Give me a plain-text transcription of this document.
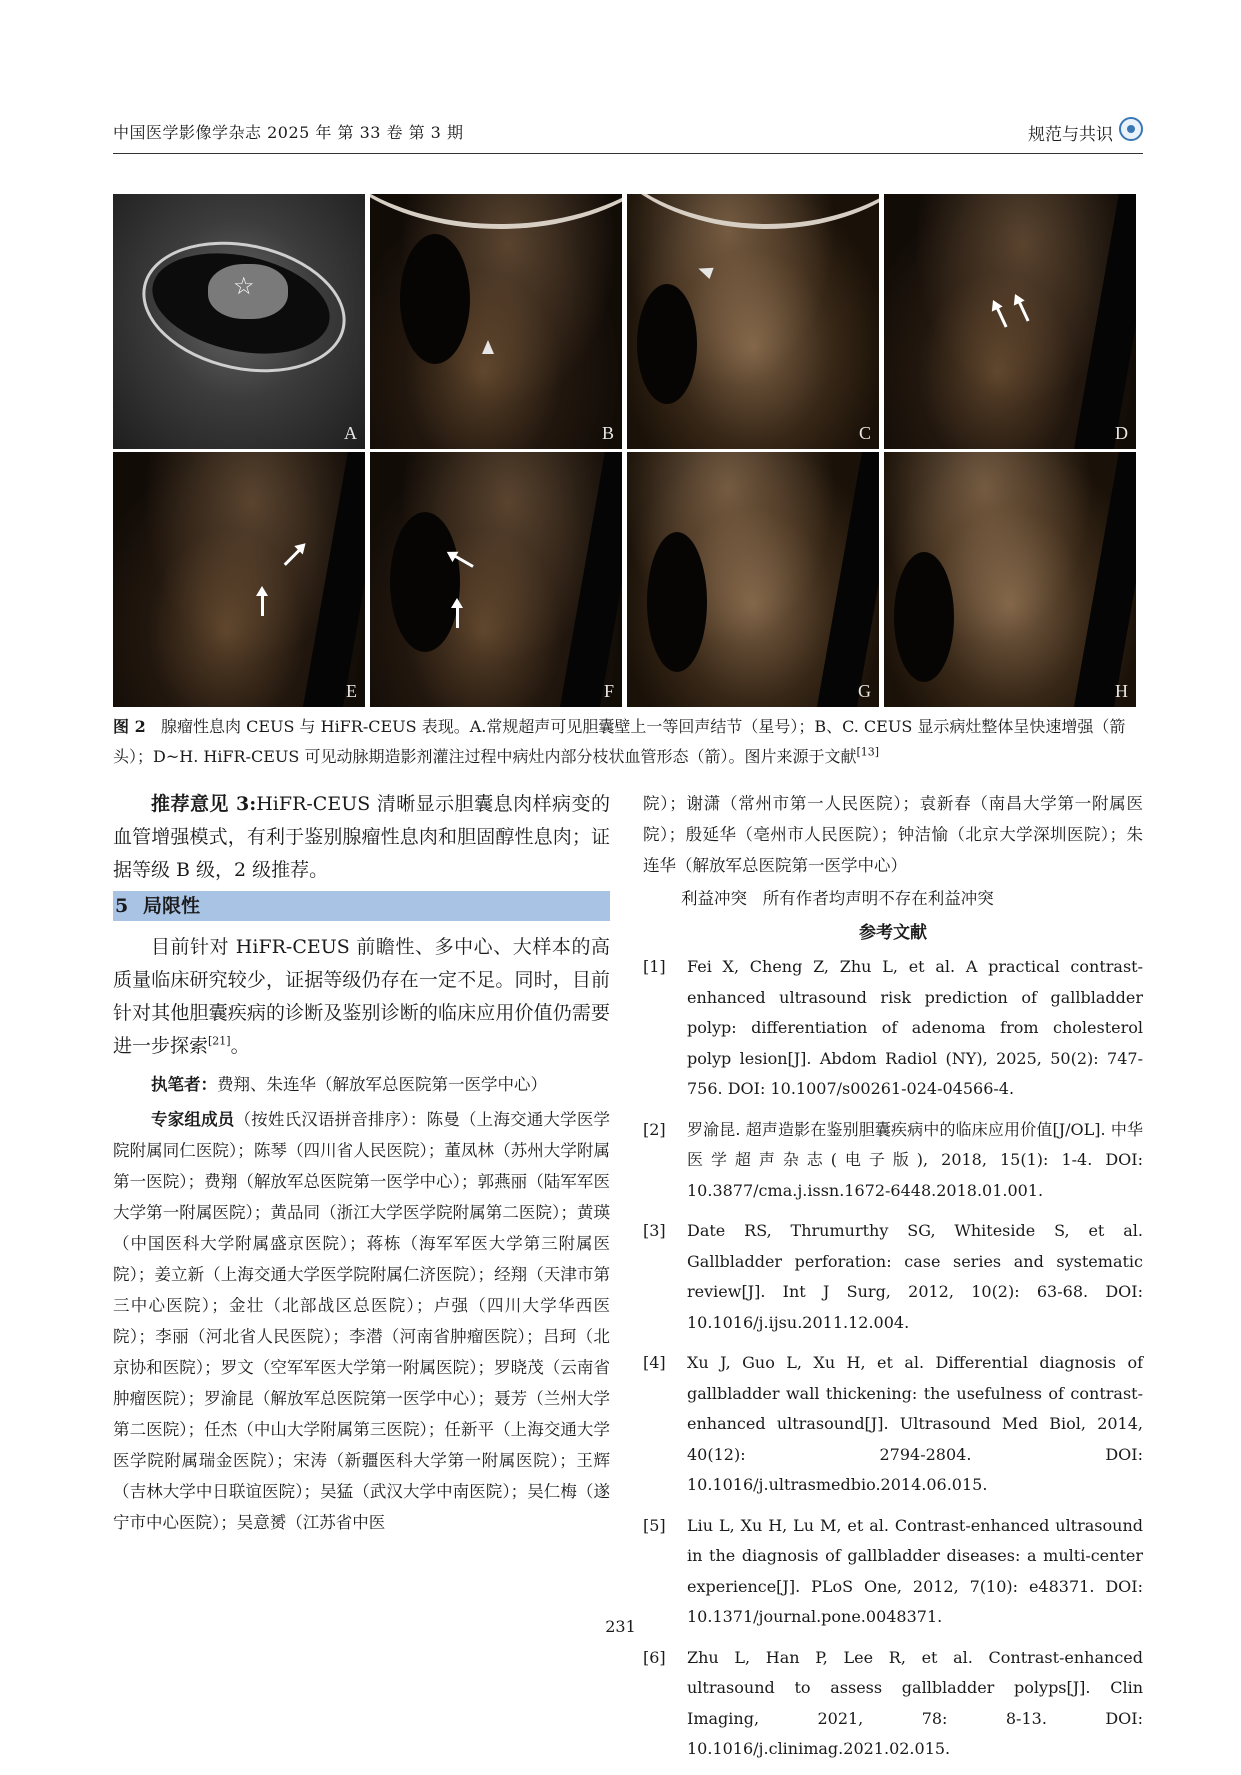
中国医学影像学杂志 2025 年 第 33 卷 第 3 期	规范与共识
☆
A	B	C	D
E	F	G	H
图 2 腺瘤性息肉 CEUS 与 HiFR-CEUS 表现。A.常规超声可见胆囊壁上一等回声结节（星号）；B、C. CEUS 显示病灶整体呈快速增强（箭头）；D~H. HiFR-CEUS 可见动脉期造影剂灌注过程中病灶内部分枝状血管形态（箭）。图片来源于文献[13]

推荐意见 3:HiFR-CEUS 清晰显示胆囊息肉样病变的血管增强模式，有利于鉴别腺瘤性息肉和胆固醇性息肉；证据等级 B 级，2 级推荐。

5 局限性

目前针对 HiFR-CEUS 前瞻性、多中心、大样本的高质量临床研究较少，证据等级仍存在一定不足。同时，目前针对其他胆囊疾病的诊断及鉴别诊断的临床应用价值仍需要进一步探索[21]。

执笔者：费翔、朱连华（解放军总医院第一医学中心）

专家组成员（按姓氏汉语拼音排序）：陈曼（上海交通大学医学院附属同仁医院）；陈琴（四川省人民医院）；董凤林（苏州大学附属第一医院）；费翔（解放军总医院第一医学中心）；郭燕丽（陆军军医大学第一附属医院）；黄品同（浙江大学医学院附属第二医院）；黄瑛（中国医科大学附属盛京医院）；蒋栋（海军军医大学第三附属医院）；姜立新（上海交通大学医学院附属仁济医院）；经翔（天津市第三中心医院）；金壮（北部战区总医院）；卢强（四川大学华西医院）；李丽（河北省人民医院）；李潜（河南省肿瘤医院）；吕珂（北京协和医院）；罗文（空军军医大学第一附属医院）；罗晓茂（云南省肿瘤医院）；罗渝昆（解放军总医院第一医学中心）；聂芳（兰州大学第二医院）；任杰（中山大学附属第三医院）；任新平（上海交通大学医学院附属瑞金医院）；宋涛（新疆医科大学第一附属医院）；王辉（吉林大学中日联谊医院）；吴猛（武汉大学中南医院）；吴仁梅（遂宁市中心医院）；吴意赟（江苏省中医

院）；谢潇（常州市第一人民医院）；袁新春（南昌大学第一附属医院）；殷延华（亳州市人民医院）；钟洁愉（北京大学深圳医院）；朱连华（解放军总医院第一医学中心）

利益冲突 所有作者均声明不存在利益冲突

参考文献

[1] Fei X, Cheng Z, Zhu L, et al. A practical contrast-enhanced ultrasound risk prediction of gallbladder polyp: differentiation of adenoma from cholesterol polyp lesion[J]. Abdom Radiol (NY), 2025, 50(2): 747-756. DOI: 10.1007/s00261-024-04566-4.
[2] 罗渝昆. 超声造影在鉴别胆囊疾病中的临床应用价值[J/OL]. 中华医学超声杂志(电子版), 2018, 15(1): 1-4. DOI: 10.3877/cma.j.issn.1672-6448.2018.01.001.
[3] Date RS, Thrumurthy SG, Whiteside S, et al. Gallbladder perforation: case series and systematic review[J]. Int J Surg, 2012, 10(2): 63-68. DOI: 10.1016/j.ijsu.2011.12.004.
[4] Xu J, Guo L, Xu H, et al. Differential diagnosis of gallbladder wall thickening: the usefulness of contrast-enhanced ultrasound[J]. Ultrasound Med Biol, 2014, 40(12): 2794-2804. DOI: 10.1016/j.ultrasmedbio.2014.06.015.
[5] Liu L, Xu H, Lu M, et al. Contrast-enhanced ultrasound in the diagnosis of gallbladder diseases: a multi-center experience[J]. PLoS One, 2012, 7(10): e48371. DOI: 10.1371/journal.pone.0048371.
[6] Zhu L, Han P, Lee R, et al. Contrast-enhanced ultrasound to assess gallbladder polyps[J]. Clin Imaging, 2021, 78: 8-13. DOI: 10.1016/j.clinimag.2021.02.015.
231
